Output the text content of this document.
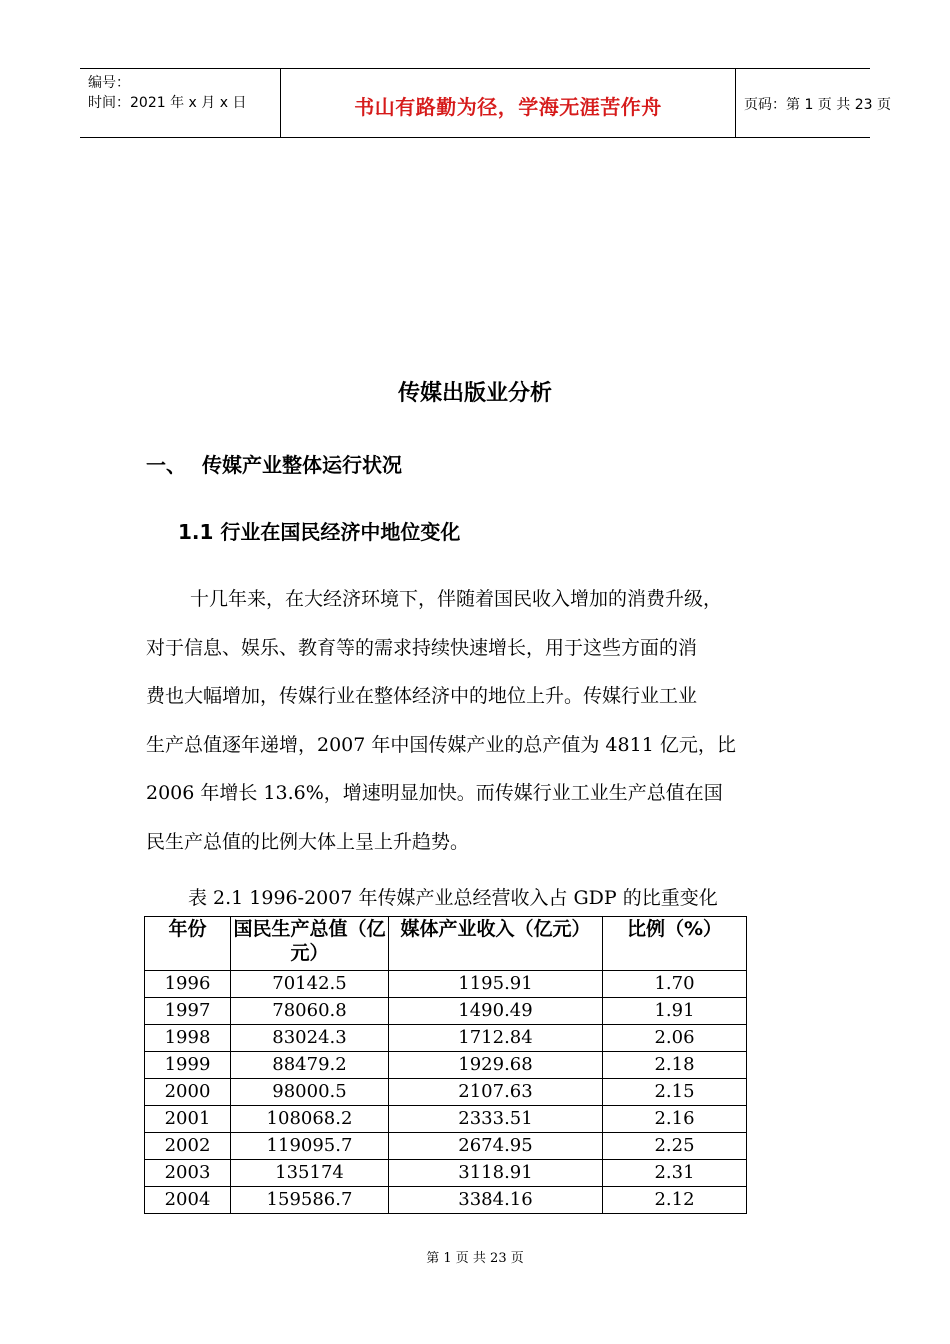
编号：
时间：2021 年 x 月 x 日	书山有路勤为径，学海无涯苦作舟	页码：第 1 页 共 23 页
传媒出版业分析
一、 传媒产业整体运行状况
1.1 行业在国民经济中地位变化
十几年来，在大经济环境下，伴随着国民收入增加的消费升级，
对于信息、娱乐、教育等的需求持续快速增长，用于这些方面的消
费也大幅增加，传媒行业在整体经济中的地位上升。传媒行业工业
生产总值逐年递增，2007 年中国传媒产业的总产值为 4811 亿元，比
2006 年增长 13.6%，增速明显加快。而传媒行业工业生产总值在国
民生产总值的比例大体上呈上升趋势。
表 2.1 1996-2007 年传媒产业总经营收入占 GDP 的比重变化
年份	国民生产总值（亿元）	媒体产业收入（亿元）	比例（%）
1996	70142.5	1195.91	1.70
1997	78060.8	1490.49	1.91
1998	83024.3	1712.84	2.06
1999	88479.2	1929.68	2.18
2000	98000.5	2107.63	2.15
2001	108068.2	2333.51	2.16
2002	119095.7	2674.95	2.25
2003	135174	3118.91	2.31
2004	159586.7	3384.16	2.12
第 1 页 共 23 页
